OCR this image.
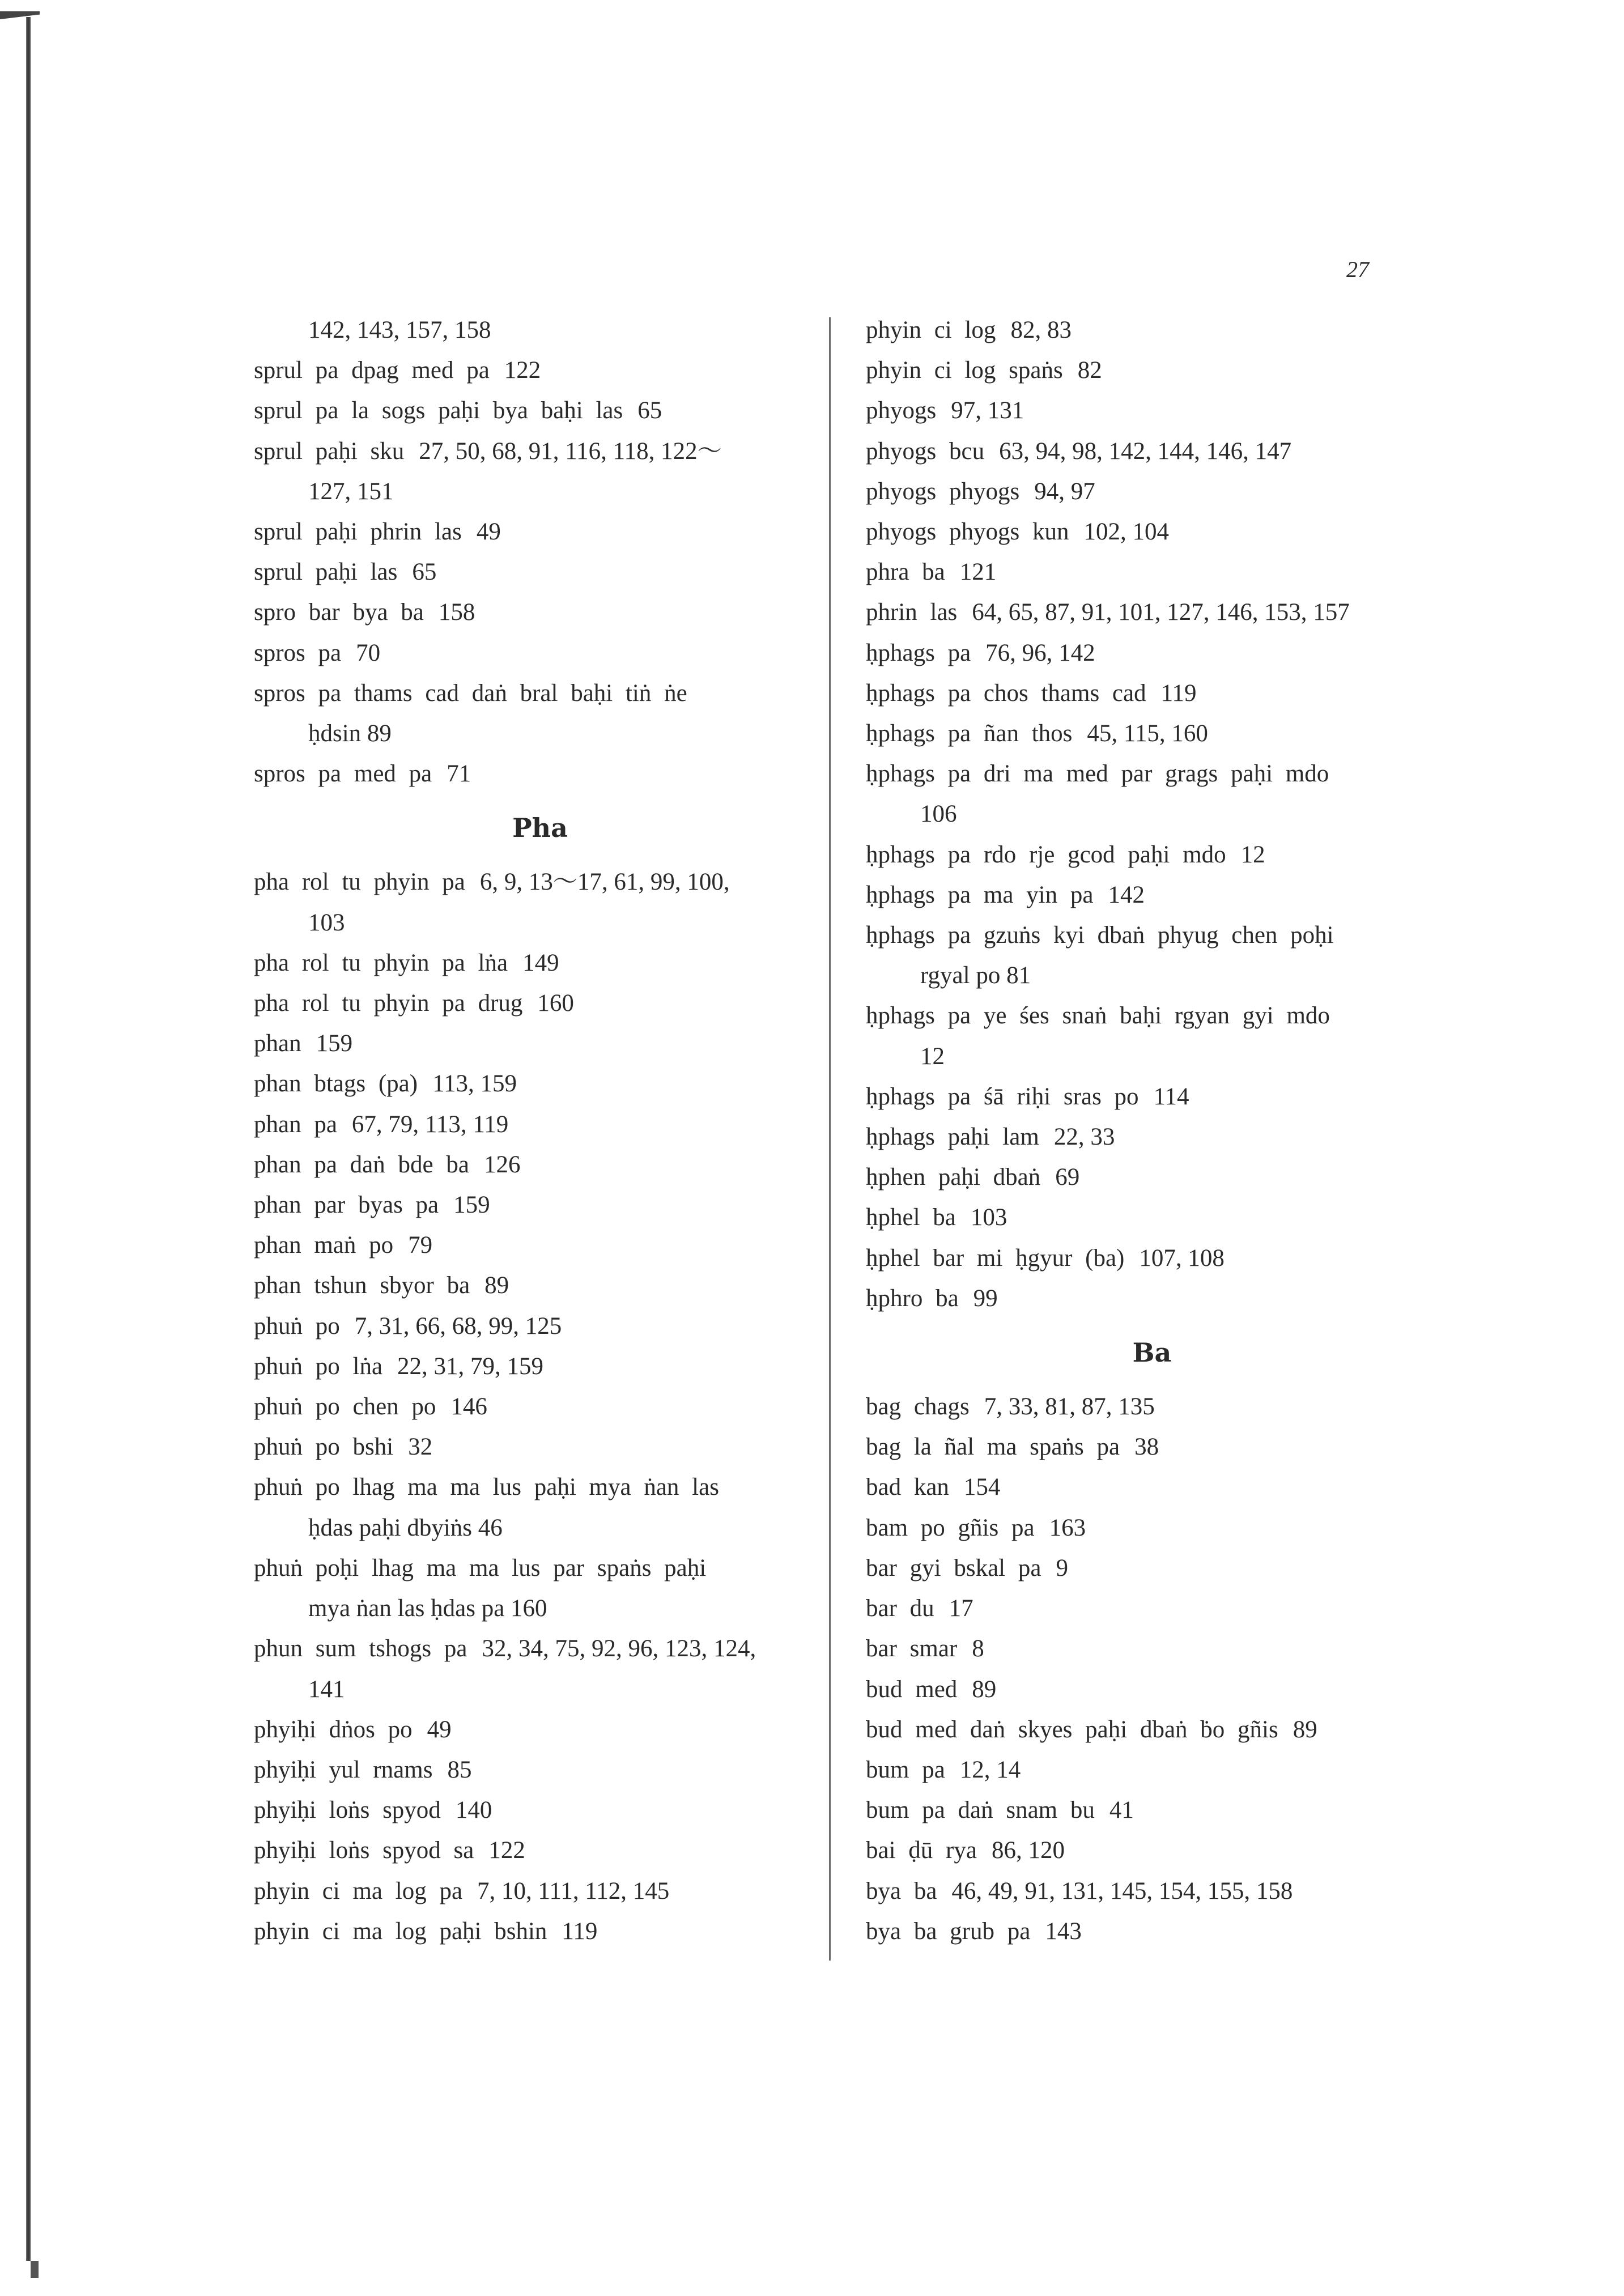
27
142, 143, 157, 158
sprul pa dpag med pa 122
sprul pa la sogs paḥi bya baḥi las 65
sprul paḥi sku 27, 50, 68, 91, 116, 118, 122〜
127, 151
sprul paḥi phrin las 49
sprul paḥi las 65
spro bar bya ba 158
spros pa 70
spros pa thams cad daṅ bral baḥi tiṅ ṅe
ḥdsin 89
spros pa med pa 71
Pha
pha rol tu phyin pa 6, 9, 13〜17, 61, 99, 100,
103
pha rol tu phyin pa lṅa 149
pha rol tu phyin pa drug 160
phan 159
phan btags (pa) 113, 159
phan pa 67, 79, 113, 119
phan pa daṅ bde ba 126
phan par byas pa 159
phan maṅ po 79
phan tshun sbyor ba 89
phuṅ po 7, 31, 66, 68, 99, 125
phuṅ po lṅa 22, 31, 79, 159
phuṅ po chen po 146
phuṅ po bshi 32
phuṅ po lhag ma ma lus paḥi mya ṅan las
ḥdas paḥi dbyiṅs 46
phuṅ poḥi lhag ma ma lus par spaṅs paḥi
mya ṅan las ḥdas pa 160
phun sum tshogs pa 32, 34, 75, 92, 96, 123, 124,
141
phyiḥi dṅos po 49
phyiḥi yul rnams 85
phyiḥi loṅs spyod 140
phyiḥi loṅs spyod sa 122
phyin ci ma log pa 7, 10, 111, 112, 145
phyin ci ma log paḥi bshin 119
phyin ci log 82, 83
phyin ci log spaṅs 82
phyogs 97, 131
phyogs bcu 63, 94, 98, 142, 144, 146, 147
phyogs phyogs 94, 97
phyogs phyogs kun 102, 104
phra ba 121
phrin las 64, 65, 87, 91, 101, 127, 146, 153, 157
ḥphags pa 76, 96, 142
ḥphags pa chos thams cad 119
ḥphags pa ñan thos 45, 115, 160
ḥphags pa dri ma med par grags paḥi mdo
106
ḥphags pa rdo rje gcod paḥi mdo 12
ḥphags pa ma yin pa 142
ḥphags pa gzuṅs kyi dbaṅ phyug chen poḥi
rgyal po 81
ḥphags pa ye śes snaṅ baḥi rgyan gyi mdo
12
ḥphags pa śā riḥi sras po 114
ḥphags paḥi lam 22, 33
ḥphen paḥi dbaṅ 69
ḥphel ba 103
ḥphel bar mi ḥgyur (ba) 107, 108
ḥphro ba 99
Ba
bag chags 7, 33, 81, 87, 135
bag la ñal ma spaṅs pa 38
bad kan 154
bam po gñis pa 163
bar gyi bskal pa 9
bar du 17
bar smar 8
bud med 89
bud med daṅ skyes paḥi dbaṅ ḃo gñis 89
bum pa 12, 14
bum pa daṅ snam bu 41
bai ḍū rya 86, 120
bya ba 46, 49, 91, 131, 145, 154, 155, 158
bya ba grub pa 143
